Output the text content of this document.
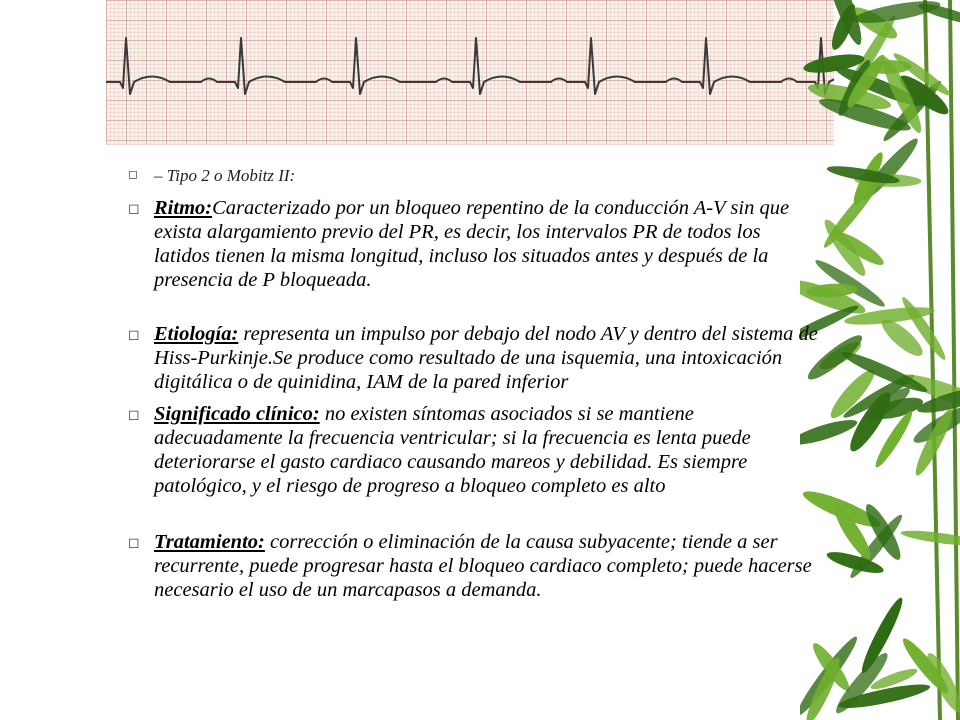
◻ – Tipo 2 o Mobitz II:
◻ Ritmo:Caracterizado por un bloqueo repentino de la conducción A-V sin que exista alargamiento previo del PR, es decir, los intervalos PR de todos los latidos tienen la misma longitud, incluso los situados antes y después de la presencia de P bloqueada.
◻ Etiología: representa un impulso por debajo del nodo AV y dentro del sistema de Hiss-Purkinje.Se produce como resultado de una isquemia, una intoxicación digitálica o de quinidina, IAM de la pared inferior
◻ Significado clínico: no existen síntomas asociados si se mantiene adecuadamente la frecuencia ventricular; si la frecuencia es lenta puede deteriorarse el gasto cardiaco causando mareos y debilidad. Es siempre patológico, y el riesgo de progreso a bloqueo completo es alto
◻ Tratamiento: corrección o eliminación de la causa subyacente; tiende a ser recurrente, puede progresar hasta el bloqueo cardiaco completo; puede hacerse necesario el uso de un marcapasos a demanda.
